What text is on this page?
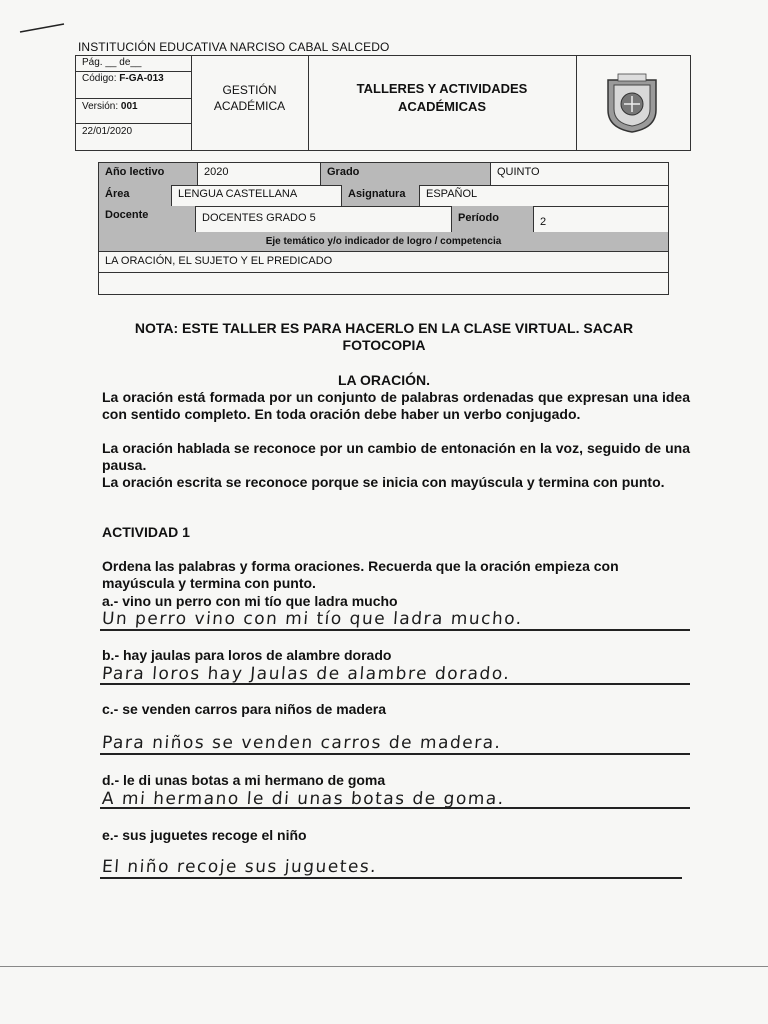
INSTITUCIÓN EDUCATIVA NARCISO CABAL SALCEDO
Pág. __ de__
Código: F-GA-013
Versión: 001
22/01/2020
GESTIÓN
ACADÉMICA
TALLERES Y ACTIVIDADES
ACADÉMICAS
Año lectivo	2020	Grado	QUINTO
Área	LENGUA CASTELLANA	Asignatura	ESPAÑOL
Docente	DOCENTES GRADO 5	Período	2
Eje temático y/o indicador de logro / competencia
LA ORACIÓN, EL SUJETO Y EL PREDICADO
NOTA: ESTE TALLER ES PARA HACERLO EN LA CLASE VIRTUAL. SACAR
FOTOCOPIA
LA ORACIÓN.
La oración está formada por un conjunto de palabras ordenadas que expresan una idea con sentido completo. En toda oración debe haber un verbo conjugado.
La oración hablada se reconoce por un cambio de entonación en la voz, seguido de una pausa.
La oración escrita se reconoce porque se inicia con mayúscula y termina con punto.
ACTIVIDAD 1
Ordena las palabras y forma oraciones. Recuerda que la oración empieza con mayúscula y termina con punto.
a.- vino un perro con mi tío que ladra mucho
Un perro vino con mi tío que ladra mucho.
b.- hay jaulas para loros de alambre dorado
Para loros hay Jaulas de alambre dorado.
c.- se venden carros para niños de madera
Para niños se venden carros de madera.
d.- le di unas botas a mi hermano de goma
A mi hermano le di unas botas de goma.
e.- sus juguetes recoge el niño
El niño recoje sus juguetes.
